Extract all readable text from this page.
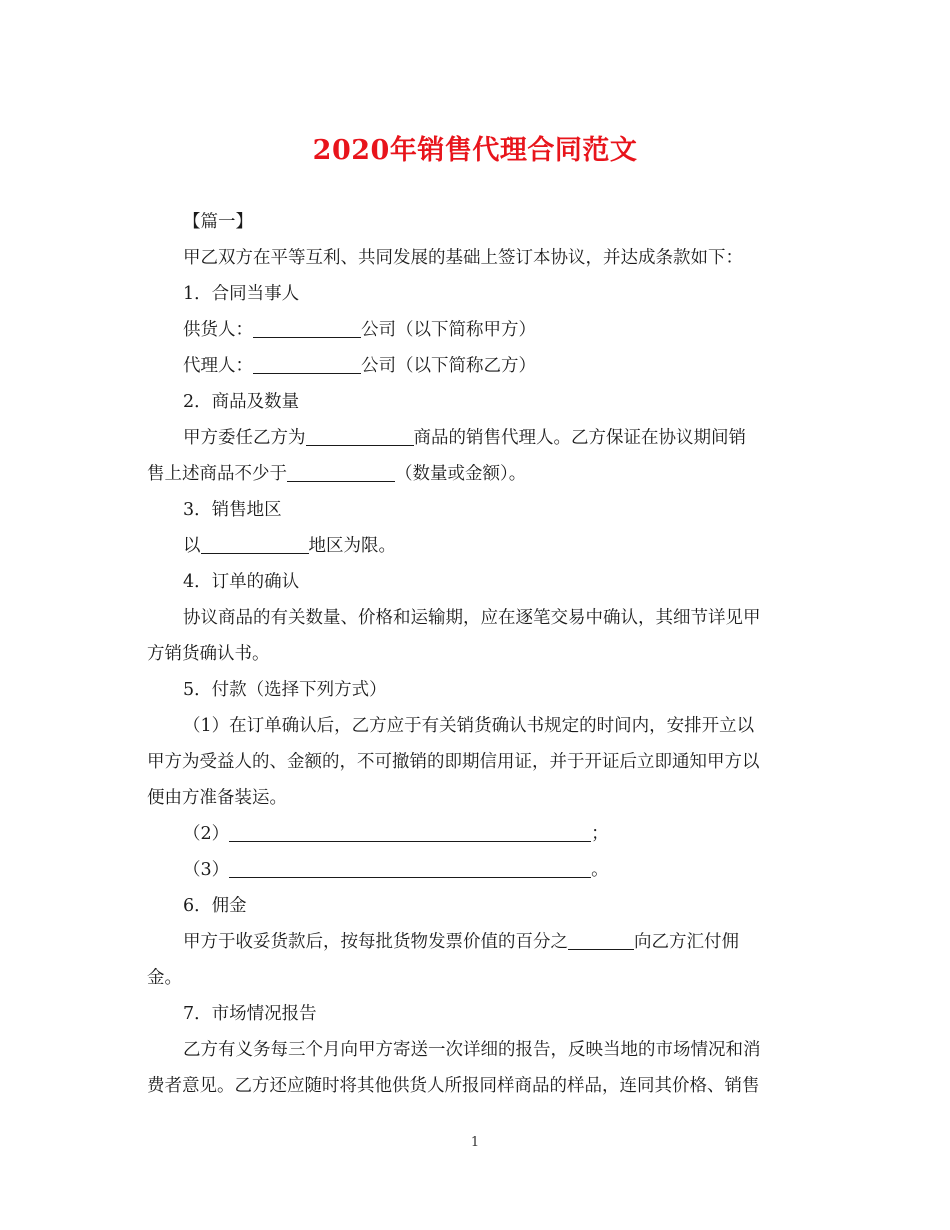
2020年销售代理合同范文
【篇一】
甲乙双方在平等互利、共同发展的基础上签订本协议，并达成条款如下：
1．合同当事人
供货人：	公司（以下简称甲方）
代理人：	公司（以下简称乙方）
2．商品及数量
甲方委任乙方为	商品的销售代理人。乙方保证在协议期间销
售上述商品不少于	（数量或金额）。
3．销售地区
以	地区为限。
4．订单的确认
协议商品的有关数量、价格和运输期，应在逐笔交易中确认，其细节详见甲
方销货确认书。
5．付款（选择下列方式）
（1）在订单确认后，乙方应于有关销货确认书规定的时间内，安排开立以
甲方为受益人的、金额的，不可撤销的即期信用证，并于开证后立即通知甲方以
便由方准备装运。
（2）	；
（3）	。
6．佣金
甲方于收妥货款后，按每批货物发票价值的百分之	向乙方汇付佣
金。
7．市场情况报告
乙方有义务每三个月向甲方寄送一次详细的报告，反映当地的市场情况和消
费者意见。乙方还应随时将其他供货人所报同样商品的样品，连同其价格、销售
1
